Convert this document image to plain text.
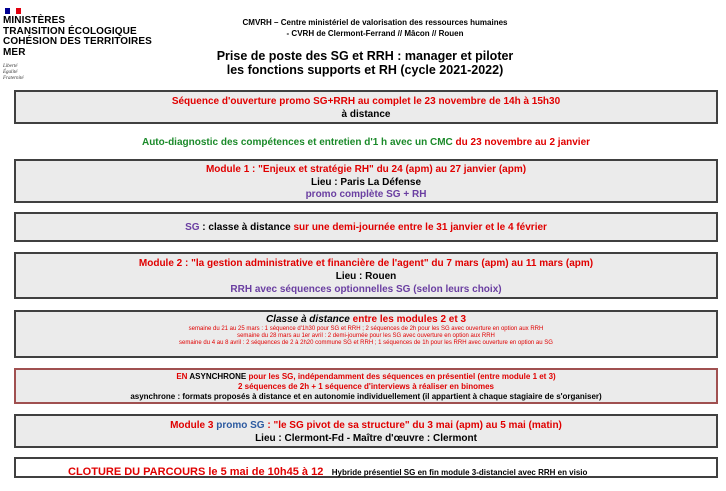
MINISTÈRES
TRANSITION ÉCOLOGIQUE
COHÉSION DES TERRITOIRES
MER
Liberté
Égalité
Fraternité
CMVRH – Centre ministériel de valorisation des ressources humaines
- CVRH de Clermont-Ferrand // Mâcon // Rouen
Prise de poste des SG et RRH : manager et piloter
les fonctions supports et RH (cycle 2021-2022)
Séquence d'ouverture promo SG+RRH au complet le 23 novembre de 14h à 15h30
à distance
Auto-diagnostic des compétences et entretien d'1 h avec un CMC du 23 novembre au 2 janvier
Module 1 : "Enjeux et stratégie RH" du 24 (apm) au 27 janvier (apm)
Lieu : Paris La Défense
promo complète SG + RH
SG : classe à distance sur une demi-journée entre le 31 janvier et le 4 février
Module 2 : "la gestion administrative et financière de l'agent" du 7 mars (apm) au 11 mars (apm)
Lieu : Rouen
RRH avec séquences optionnelles SG (selon leurs choix)
Classe à distance entre les modules 2 et 3
semaine du 21 au 25 mars : 1 séquence d'1h30 pour SG et RRH ; 2 séquences de 2h pour les SG avec ouverture en option aux RRH
semaine du 28 mars au 1er avril : 2 demi-journée pour les SG avec ouverture en option aux RRH
semaine du 4 au 8 avril : 2 séquences de 2 à 2h20 commune SG et RRH ; 1 séquences de 1h pour les RRH avec ouverture en option au SG
EN ASYNCHRONE pour les SG, indépendamment des séquences en présentiel (entre module 1 et 3)
2 séquences de 2h + 1 séquence d'interviews à réaliser en binomes
asynchrone : formats proposés à distance et en autonomie individuellement (il appartient à chaque stagiaire de s'organiser)
Module 3 promo SG : "le SG pivot de sa structure" du 3 mai (apm) au 5 mai (matin)
Lieu : Clermont-Fd - Maître d'œuvre : Clermont
CLOTURE DU PARCOURS le 5 mai de 10h45 à 12 Hybride présentiel SG en fin module 3-distanciel avec RRH en visio
